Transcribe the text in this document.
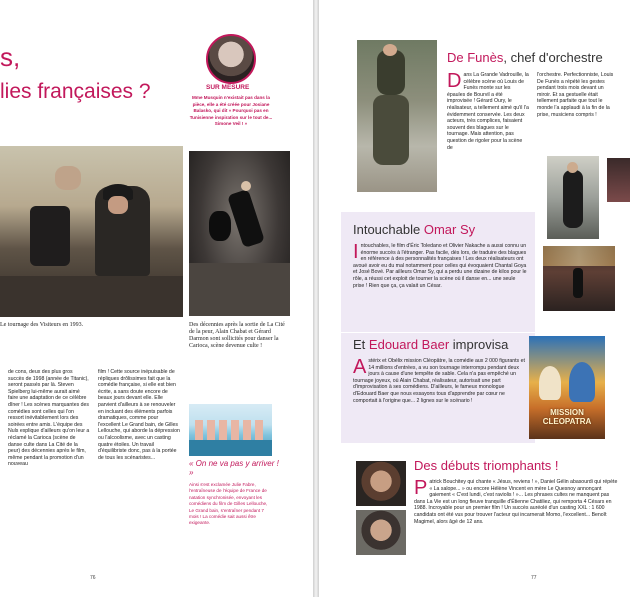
s,
lies françaises ?	SUR MESURE
Mme Musquin n'existait pas dans la pièce, elle a été créée pour Josiane Balasko, qui dit « Pourquoi pas en Tunisienne inspiration sur le tout de... Simone Veil ! »
Le tournage des Visiteurs en 1993.	Des décennies après la sortie de La Cité de la peur, Alain Chabat et Gérard Darmon sont sollicités pour danser la Carioca, scène devenue culte !
de cons, deux des plus gros succès de 1998 (année de Titanic), seront passés par là. Steven Spielberg lui-même aurait aimé faire une adaptation de ce célèbre dîner ! Les scènes marquantes des comédies sont celles qui l'on ressort inévitablement lors des soirées entre amis. L'équipe des Nuls explique d'ailleurs qu'on leur a réclamé la Carioca (scène de danse culte dans La Cité de la peur) des décennies après le film, même pendant la promotion d'un nouveau
film ! Cette source inépuisable de répliques drôlissimes fait que la comédie française, si elle est bien écrite, a sans doute encore de beaux jours devant elle. Elle parvient d'ailleurs à se renouveler en incluant des éléments parfois dramatiques, comme pour l'excellent Le Grand bain, de Gilles Lellouche, qui aborde la dépression ou l'alcoolisme, avec un casting quatre étoiles. Un travail d'équilibriste donc, pas à la portée de tous les scénaristes...
« On ne va pas y arriver ! »
Ainsi s'est exclamée Julie Fabre, l'entraîneuse de l'équipe de France de natation synchronisée, envoyant les comédiens du film de Gilles Lellouche, Le Grand bain, s'entraîner pendant 7 mois ! La comédie sait aussi être exigeante.
76
De Funès, chef d'orchestre
Dans La Grande Vadrouille, la célèbre scène où Louis de Funès monte sur les épaules de Bourvil a été improvisée ! Gérard Oury, le réalisateur, a tellement aimé qu'il l'a évidemment conservée. Les deux acteurs, très complices, faisaient souvent des blagues sur le tournage. Mais attention, pas question de rigoler pour la scène de
l'orchestre. Perfectionniste, Louis De Funès a répété les gestes pendant trois mois devant un miroir. Et sa gestuelle était tellement parfaite que tout le monde l'a applaudi à la fin de la prise, musiciens compris !
Intouchable Omar Sy
Intouchables, le film d'Éric Toledano et Olivier Nakache a aussi connu un énorme succès à l'étranger. Pas facile, dès lors, de traduire des blagues en référence à des personnalités françaises ! Les deux réalisateurs ont avoué avoir eu du mal notamment pour celles qui évoquaient Chantal Goya et José Bové. Par ailleurs Omar Sy, qui a perdu une dizaine de kilos pour le rôle, a réussi cet exploit de tourner la scène où il danse en... une seule prise ! Rien que ça, ça valait un César.
Et Edouard Baer improvisa
Astérix et Obélix mission Cléopâtre, la comédie aux 2 000 figurants et 14 millions d'entrées, a vu son tournage interrompu pendant deux jours à cause d'une tempête de sable. Cela n'a pas empêché un tournage joyeux, où Alain Chabat, réalisateur, autorisait une part d'improvisation à ses comédiens. D'ailleurs, le fameux monologue d'Edouard Baer que nous essayons tous d'apprendre par cœur ne comportait à l'origine que... 2 lignes sur le scénario !
MISSION CLEOPATRA
Des débuts triomphants !
Patrick Bouchitey qui chante « Jésus, reviens ! », Daniel Gélin abasourdi qui répète « La salope... » ou encore Hélène Vincent en mère Le Quesnoy annonçant gaiement « C'est lundi, c'est raviolis ! »... Les phrases cultes ne manquent pas dans La Vie est un long fleuve tranquille d'Étienne Chatiliez, qui remporta 4 Césars en 1988. Incroyable pour un premier film ! Un succès auréolé d'un casting XXL : 1 600 candidats ont été vus pour trouver l'acteur qui incarnerait Momo, l'excellent... Benoît Magimel, alors âgé de 12 ans.
77
